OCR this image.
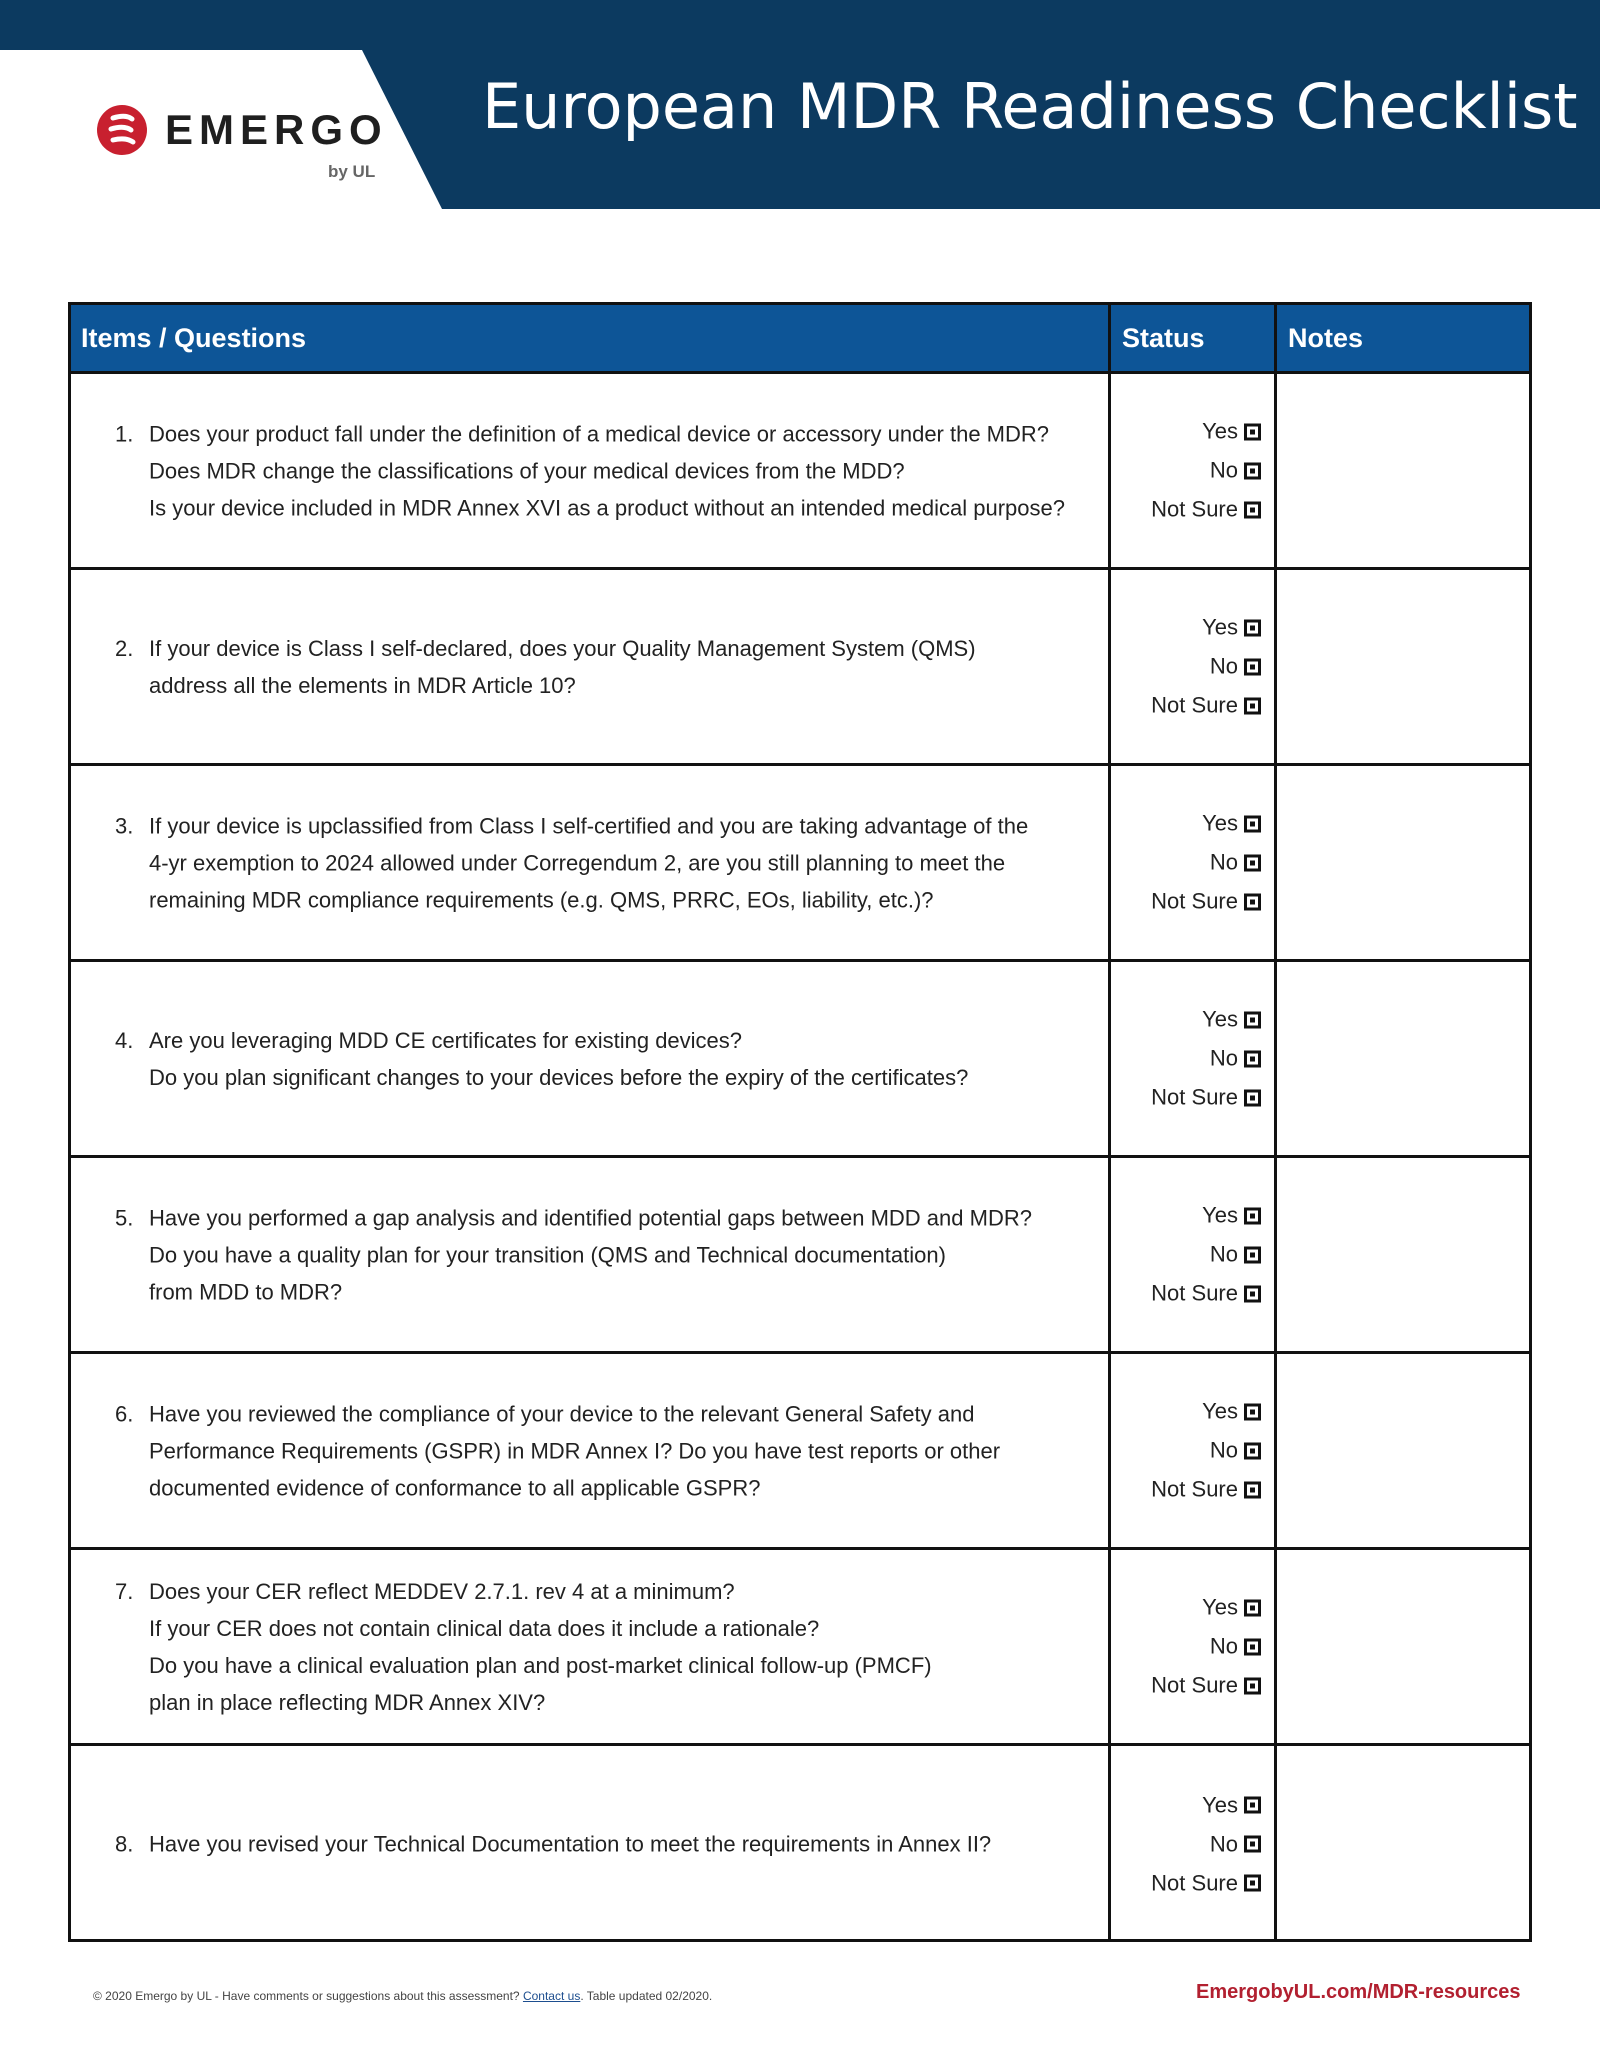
European MDR Readiness Checklist
EMERGO
by UL
Items / Questions	Status	Notes
1. Does your product fall under the definition of a medical device or accessory under the MDR?
Does MDR change the classifications of your medical devices from the MDD?
Is your device included in MDR Annex XVI as a product without an intended medical purpose?
Yes
No
Not Sure
2. If your device is Class I self-declared, does your Quality Management System (QMS)
address all the elements in MDR Article 10?
Yes
No
Not Sure
3. If your device is upclassified from Class I self-certified and you are taking advantage of the
4-yr exemption to 2024 allowed under Corregendum 2, are you still planning to meet the
remaining MDR compliance requirements (e.g. QMS, PRRC, EOs, liability, etc.)?
Yes
No
Not Sure
4. Are you leveraging MDD CE certificates for existing devices?
Do you plan significant changes to your devices before the expiry of the certificates?
Yes
No
Not Sure
5. Have you performed a gap analysis and identified potential gaps between MDD and MDR?
Do you have a quality plan for your transition (QMS and Technical documentation)
from MDD to MDR?
Yes
No
Not Sure
6. Have you reviewed the compliance of your device to the relevant General Safety and
Performance Requirements (GSPR) in MDR Annex I? Do you have test reports or other
documented evidence of conformance to all applicable GSPR?
Yes
No
Not Sure
7. Does your CER reflect MEDDEV 2.7.1. rev 4 at a minimum?
If your CER does not contain clinical data does it include a rationale?
Do you have a clinical evaluation plan and post-market clinical follow-up (PMCF)
plan in place reflecting MDR Annex XIV?
Yes
No
Not Sure
8. Have you revised your Technical Documentation to meet the requirements in Annex II?
Yes
No
Not Sure
© 2020 Emergo by UL - Have comments or suggestions about this assessment? Contact us. Table updated 02/2020.	EmergobyUL.com/MDR-resources
